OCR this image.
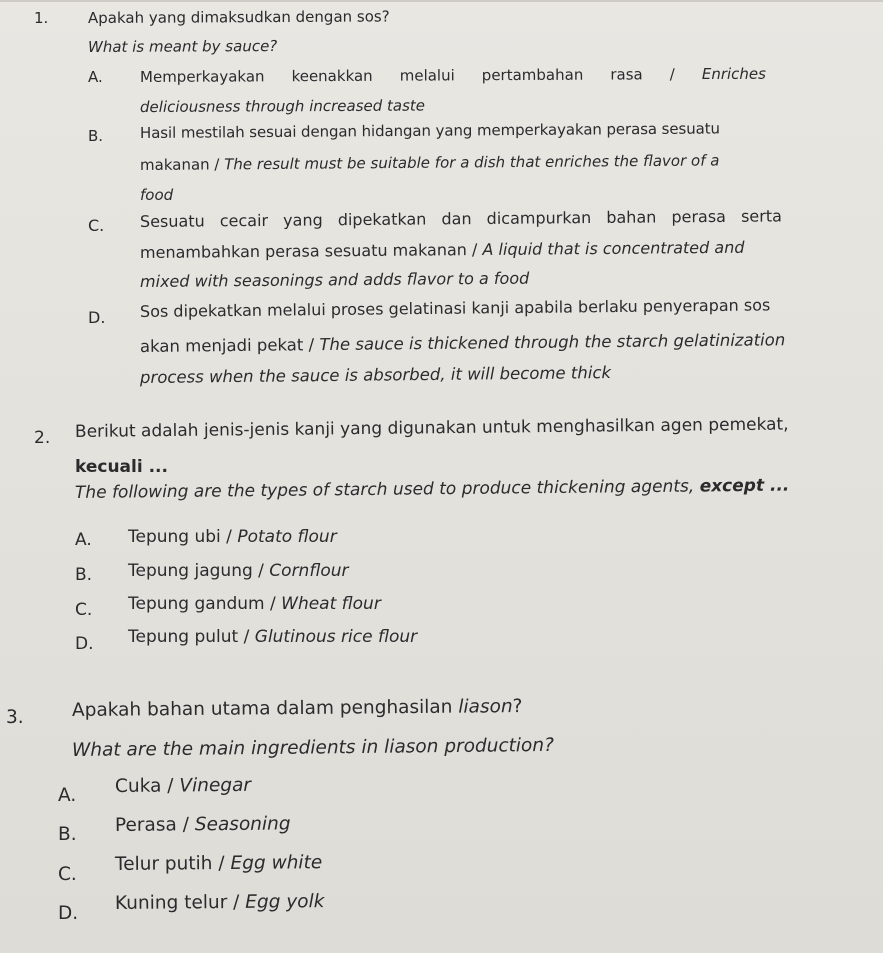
1.	Apakah yang dimaksudkan dengan sos?
What is meant by sauce?
A. Memperkayakan keenakkan melalui pertambahan rasa / Enriches
deliciousness through increased taste
B. Hasil mestilah sesuai dengan hidangan yang memperkayakan perasa sesuatu
makanan / The result must be suitable for a dish that enriches the flavor of a
food
C. Sesuatu cecair yang dipekatkan dan dicampurkan bahan perasa serta
menambahkan perasa sesuatu makanan / A liquid that is concentrated and
mixed with seasonings and adds flavor to a food
D. Sos dipekatkan melalui proses gelatinasi kanji apabila berlaku penyerapan sos
akan menjadi pekat / The sauce is thickened through the starch gelatinization
process when the sauce is absorbed, it will become thick
2. Berikut adalah jenis-jenis kanji yang digunakan untuk menghasilkan agen pemekat,
kecuali ...
The following are the types of starch used to produce thickening agents, except ...
A. Tepung ubi / Potato flour
B. Tepung jagung / Cornflour
C. Tepung gandum / Wheat flour
D. Tepung pulut / Glutinous rice flour
3.	Apakah bahan utama dalam penghasilan liason?
What are the main ingredients in liason production?
A. Cuka / Vinegar
B. Perasa / Seasoning
C. Telur putih / Egg white
D. Kuning telur / Egg yolk
